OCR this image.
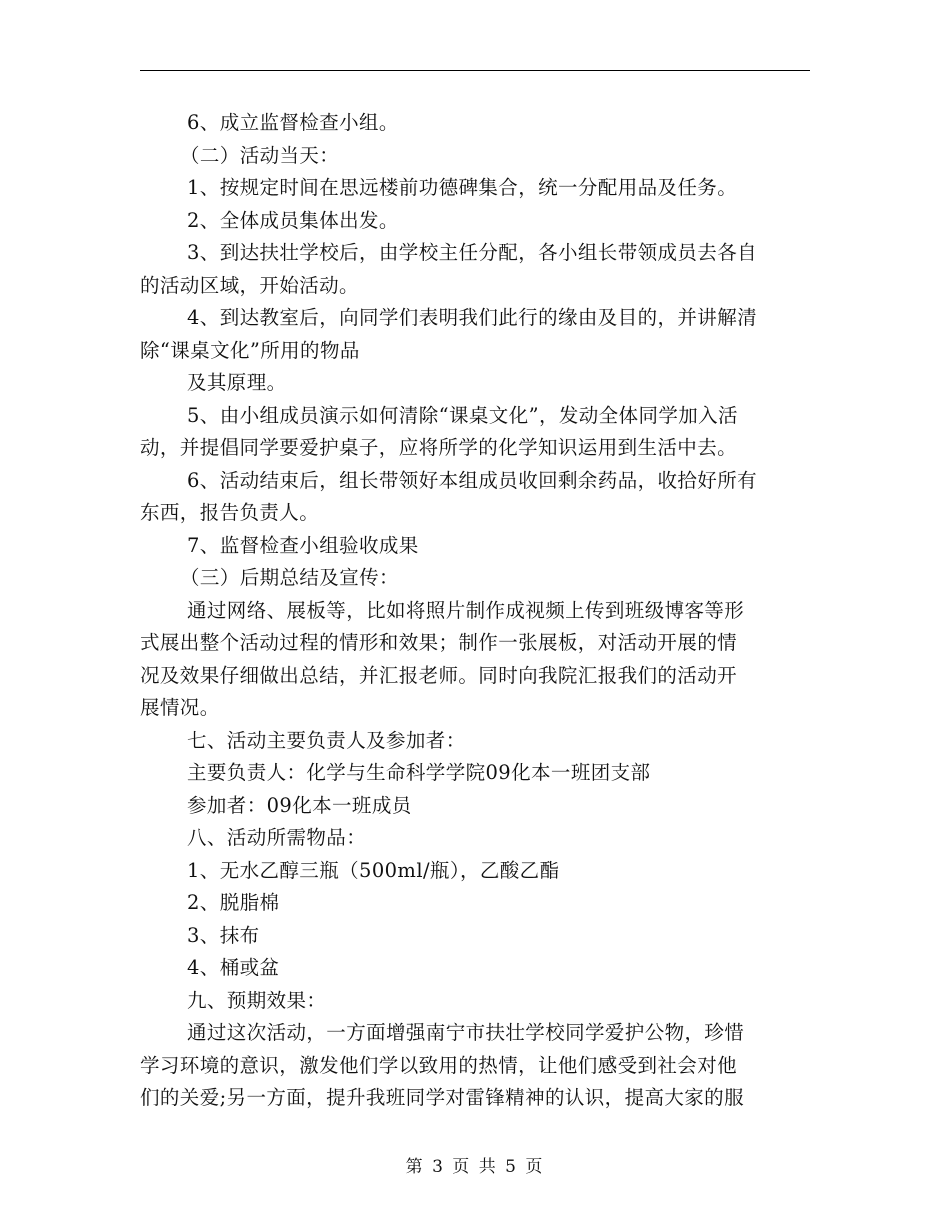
6、成立监督检查小组。
（二）活动当天：
1、按规定时间在思远楼前功德碑集合，统一分配用品及任务。
2、全体成员集体出发。
3、到达扶壮学校后，由学校主任分配，各小组长带领成员去各自
的活动区域，开始活动。
4、到达教室后，向同学们表明我们此行的缘由及目的，并讲解清
除“课桌文化”所用的物品
及其原理。
5、由小组成员演示如何清除“课桌文化”，发动全体同学加入活
动，并提倡同学要爱护桌子，应将所学的化学知识运用到生活中去。
6、活动结束后，组长带领好本组成员收回剩余药品，收拾好所有
东西，报告负责人。
7、监督检查小组验收成果
（三）后期总结及宣传：
通过网络、展板等，比如将照片制作成视频上传到班级博客等形
式展出整个活动过程的情形和效果；制作一张展板，对活动开展的情
况及效果仔细做出总结，并汇报老师。同时向我院汇报我们的活动开
展情况。
七、活动主要负责人及参加者：
主要负责人：化学与生命科学学院09化本一班团支部
参加者：09化本一班成员
八、活动所需物品：
1、无水乙醇三瓶（500ml/瓶），乙酸乙酯
2、脱脂棉
3、抹布
4、桶或盆
九、预期效果：
通过这次活动，一方面增强南宁市扶壮学校同学爱护公物，珍惜
学习环境的意识，激发他们学以致用的热情，让他们感受到社会对他
们的关爱;另一方面，提升我班同学对雷锋精神的认识，提高大家的服
第 3 页 共 5 页
